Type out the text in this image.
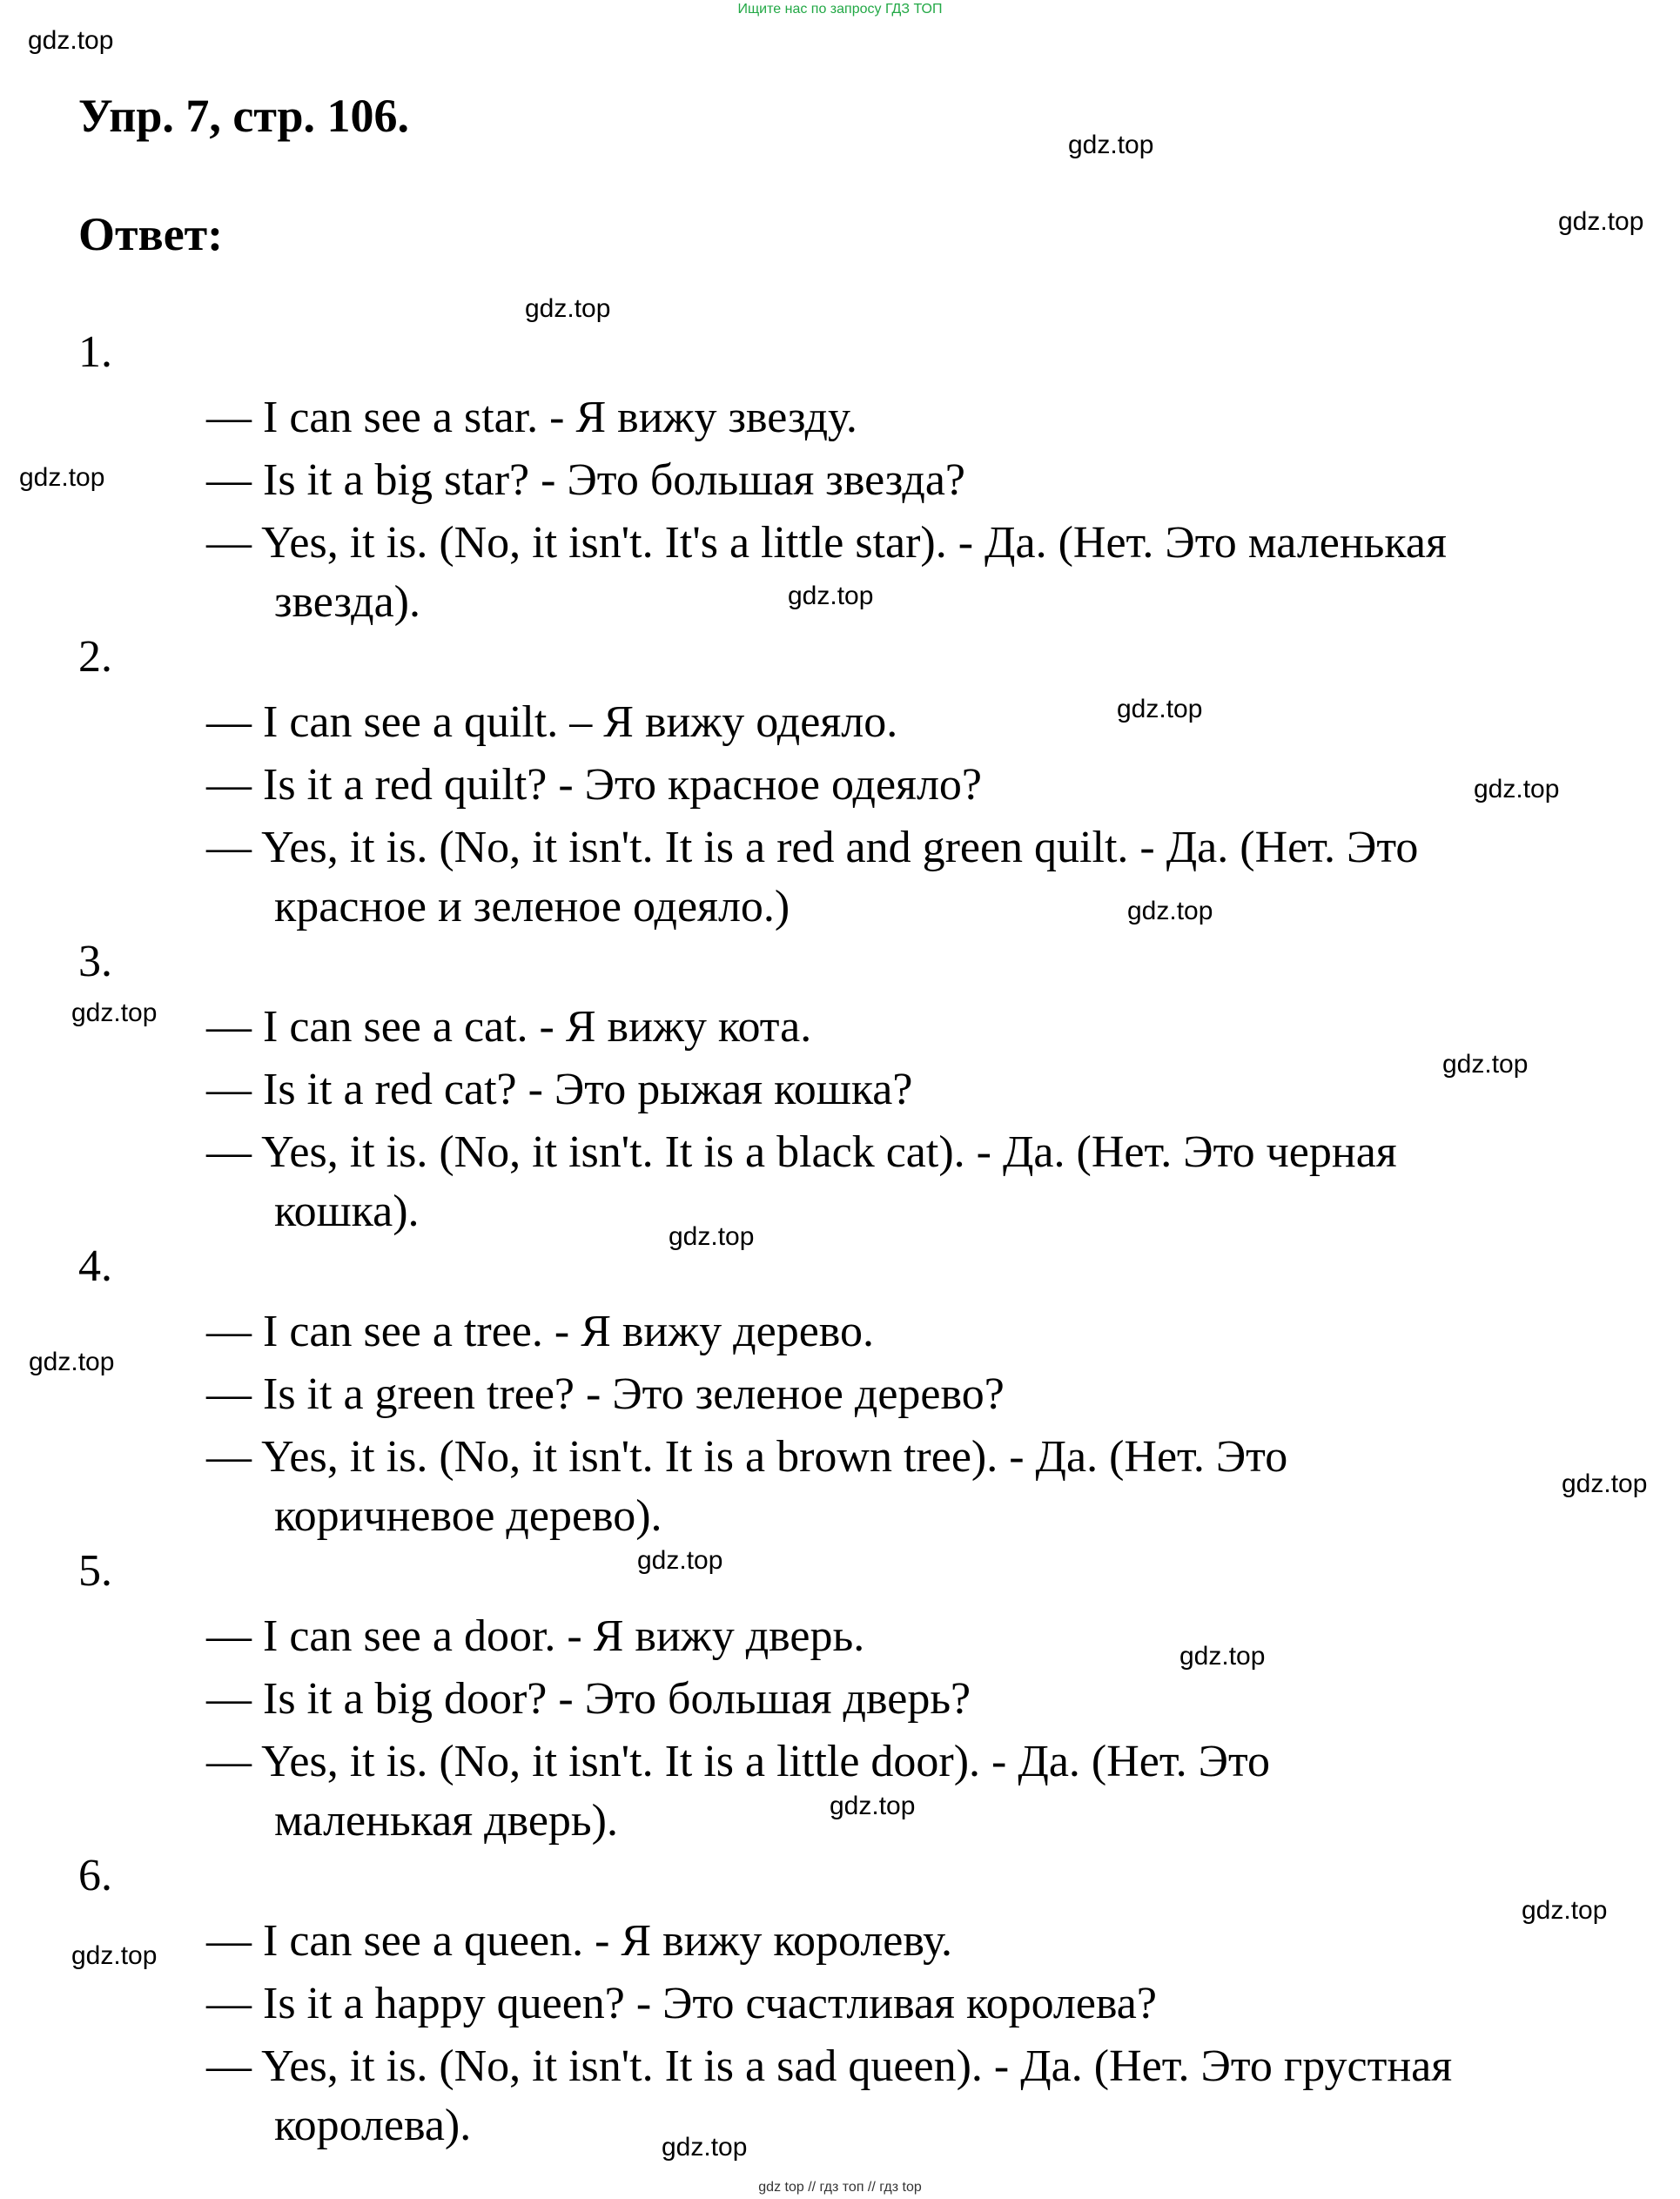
Ищите нас по запросу ГДЗ ТОП
Упр. 7, стр. 106.
Ответ:
1.
— I can see a star. - Я вижу звезду.
— Is it a big star? - Это большая звезда?
— Yes, it is. (No, it isn't. It's a little star). - Да. (Нет. Это маленькая
звезда).
2.
— I can see a quilt. – Я вижу одеяло.
— Is it a red quilt? - Это красное одеяло?
— Yes, it is. (No, it isn't. It is a red and green quilt. - Да. (Нет. Это
красное и зеленое одеяло.)
3.
— I can see a cat. - Я вижу кота.
— Is it a red cat? - Это рыжая кошка?
— Yes, it is. (No, it isn't. It is a black cat). - Да. (Нет. Это черная
кошка).
4.
— I can see a tree. - Я вижу дерево.
— Is it a green tree? - Это зеленое дерево?
— Yes, it is. (No, it isn't. It is a brown tree). - Да. (Нет. Это
коричневое дерево).
5.
— I can see a door. - Я вижу дверь.
— Is it a big door? - Это большая дверь?
— Yes, it is. (No, it isn't. It is a little door). - Да. (Нет. Это
маленькая дверь).
6.
— I can see a queen. - Я вижу королеву.
— Is it a happy queen? - Это счастливая королева?
— Yes, it is. (No, it isn't. It is a sad queen). - Да. (Нет. Это грустная
королева).
gdz.top
gdz.top
gdz.top
gdz.top
gdz.top
gdz.top
gdz.top
gdz.top
gdz.top
gdz.top
gdz.top
gdz.top
gdz.top
gdz.top
gdz.top
gdz.top
gdz.top
gdz.top
gdz.top
gdz.top
gdz top // гдз топ // гдз top
